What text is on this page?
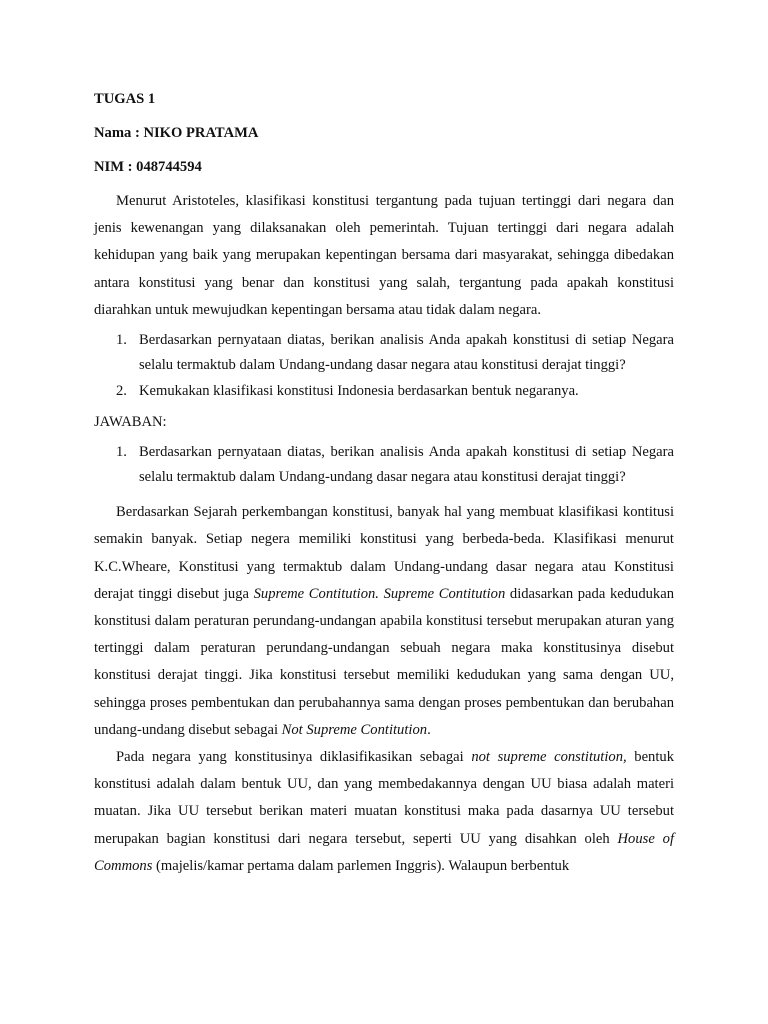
TUGAS 1
Nama : NIKO PRATAMA
NIM : 048744594

Menurut Aristoteles, klasifikasi konstitusi tergantung pada tujuan tertinggi dari negara dan jenis kewenangan yang dilaksanakan oleh pemerintah. Tujuan tertinggi dari negara adalah kehidupan yang baik yang merupakan kepentingan bersama dari masyarakat, sehingga dibedakan antara konstitusi yang benar dan konstitusi yang salah, tergantung pada apakah konstitusi diarahkan untuk mewujudkan kepentingan bersama atau tidak dalam negara.

1. Berdasarkan pernyataan diatas, berikan analisis Anda apakah konstitusi di setiap Negara selalu termaktub dalam Undang-undang dasar negara atau konstitusi derajat tinggi?
2. Kemukakan klasifikasi konstitusi Indonesia berdasarkan bentuk negaranya.
JAWABAN:
1. Berdasarkan pernyataan diatas, berikan analisis Anda apakah konstitusi di setiap Negara selalu termaktub dalam Undang-undang dasar negara atau konstitusi derajat tinggi?

Berdasarkan Sejarah perkembangan konstitusi, banyak hal yang membuat klasifikasi kontitusi semakin banyak. Setiap negera memiliki konstitusi yang berbeda-beda. Klasifikasi menurut K.C.Wheare, Konstitusi yang termaktub dalam Undang-undang dasar negara atau Konstitusi derajat tinggi disebut juga Supreme Contitution. Supreme Contitution didasarkan pada kedudukan konstitusi dalam peraturan perundang-undangan apabila konstitusi tersebut merupakan aturan yang tertinggi dalam peraturan perundang-undangan sebuah negara maka konstitusinya disebut konstitusi derajat tinggi. Jika konstitusi tersebut memiliki kedudukan yang sama dengan UU, sehingga proses pembentukan dan perubahannya sama dengan proses pembentukan dan berubahan undang-undang disebut sebagai Not Supreme Contitution.

Pada negara yang konstitusinya diklasifikasikan sebagai not supreme constitution, bentuk konstitusi adalah dalam bentuk UU, dan yang membedakannya dengan UU biasa adalah materi muatan. Jika UU tersebut berikan materi muatan konstitusi maka pada dasarnya UU tersebut merupakan bagian konstitusi dari negara tersebut, seperti UU yang disahkan oleh House of Commons (majelis/kamar pertama dalam parlemen Inggris). Walaupun berbentuk
